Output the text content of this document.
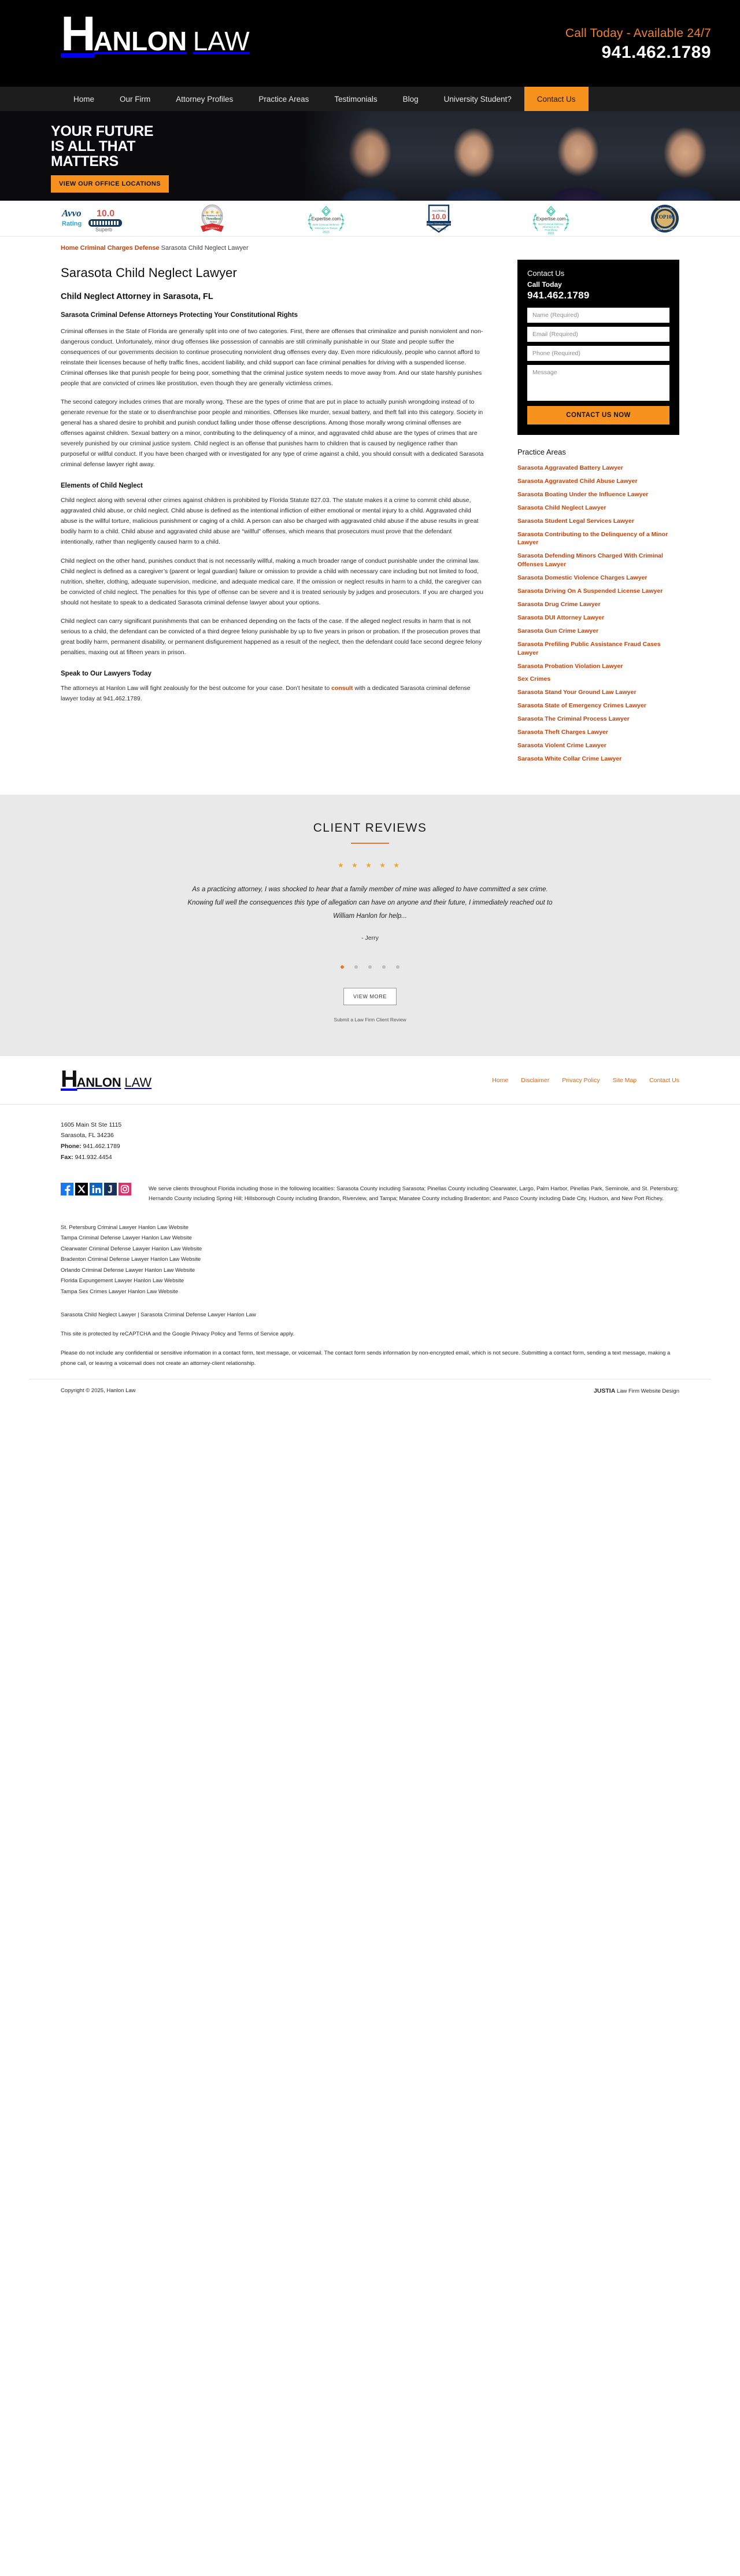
H
ANLON LAW	Call Today - Available 24/7
941.462.1789
Home	Our Firm	Attorney Profiles	Practice Areas	Testimonials	Blog	University Student?	Contact Us
YOUR FUTURE
IS ALL THAT
MATTERS
VIEW OUR OFFICE LOCATIONS
Avvo 10.0
Rating
Superb
Best Business of 2023
ThreeBest
Rated
Excellence
Expertise.com
Best Criminal Defense
Attorneys in Tampa
2022
Avvo Rating
10.0
William Woodson Hanlon
Top Attorney
Expertise.com
Best Criminal Defense
Attorneys in St.
Petersburg
2022
TOP100
THE NATIONAL
TRIAL LAWYERS
Home Criminal Charges Defense Sarasota Child Neglect Lawyer
Sarasota Child Neglect Lawyer
Child Neglect Attorney in Sarasota, FL
Sarasota Criminal Defense Attorneys Protecting Your Constitutional Rights

Criminal offenses in the State of Florida are generally split into one of two categories. First, there are offenses that criminalize and punish nonviolent and non-dangerous conduct. Unfortunately, minor drug offenses like possession of cannabis are still criminally punishable in our State and people suffer the consequences of our governments decision to continue prosecuting nonviolent drug offenses every day. Even more ridiculously, people who cannot afford to reinstate their licenses because of hefty traffic fines, accident liability, and child support can face criminal penalties for driving with a suspended license. Criminal offenses like that punish people for being poor, something that the criminal justice system needs to move away from. And our state harshly punishes people that are convicted of crimes like prostitution, even though they are generally victimless crimes.

The second category includes crimes that are morally wrong. These are the types of crime that are put in place to actually punish wrongdoing instead of to generate revenue for the state or to disenfranchise poor people and minorities. Offenses like murder, sexual battery, and theft fall into this category. Society in general has a shared desire to prohibit and punish conduct falling under those offense descriptions. Among those morally wrong criminal offenses are offenses against children. Sexual battery on a minor, contributing to the delinquency of a minor, and aggravated child abuse are the types of crimes that are severely punished by our criminal justice system. Child neglect is an offense that punishes harm to children that is caused by negligence rather than purposeful or willful conduct. If you have been charged with or investigated for any type of crime against a child, you should consult with a dedicated Sarasota criminal defense lawyer right away.

Elements of Child Neglect

Child neglect along with several other crimes against children is prohibited by Florida Statute 827.03. The statute makes it a crime to commit child abuse, aggravated child abuse, or child neglect. Child abuse is defined as the intentional infliction of either emotional or mental injury to a child. Aggravated child abuse is the willful torture, malicious punishment or caging of a child. A person can also be charged with aggravated child abuse if the abuse results in great bodily harm to a child. Child abuse and aggravated child abuse are “willful” offenses, which means that prosecutors must prove that the defendant intentionally, rather than negligently caused harm to a child.

Child neglect on the other hand, punishes conduct that is not necessarily willful, making a much broader range of conduct punishable under the criminal law. Child neglect is defined as a caregiver’s (parent or legal guardian) failure or omission to provide a child with necessary care including but not limited to food, nutrition, shelter, clothing, adequate supervision, medicine, and adequate medical care. If the omission or neglect results in harm to a child, the caregiver can be convicted of child neglect. The penalties for this type of offense can be severe and it is treated seriously by judges and prosecutors. If you are charged you should not hesitate to speak to a dedicated Sarasota criminal defense lawyer about your options.

Child neglect can carry significant punishments that can be enhanced depending on the facts of the case. If the alleged neglect results in harm that is not serious to a child, the defendant can be convicted of a third degree felony punishable by up to five years in prison or probation. If the prosecution proves that great bodily harm, permanent disability, or permanent disfigurement happened as a result of the neglect, then the defendant could face second degree felony penalties, maxing out at fifteen years in prison.

Speak to Our Lawyers Today

The attorneys at Hanlon Law will fight zealously for the best outcome for your case. Don’t hesitate to consult with a dedicated Sarasota criminal defense lawyer today at 941.462.1789.

Contact Us
Call Today
941.462.1789
Name (Required)
Email (Required)
Phone (Required)
Message CONTACT US NOW
Practice Areas
Sarasota Aggravated Battery Lawyer
Sarasota Aggravated Child Abuse Lawyer
Sarasota Boating Under the Influence Lawyer
Sarasota Child Neglect Lawyer
Sarasota Student Legal Services Lawyer
Sarasota Contributing to the Delinquency of a Minor Lawyer
Sarasota Defending Minors Charged With Criminal Offenses Lawyer
Sarasota Domestic Violence Charges Lawyer
Sarasota Driving On A Suspended License Lawyer
Sarasota Drug Crime Lawyer
Sarasota DUI Attorney Lawyer
Sarasota Gun Crime Lawyer
Sarasota Prefiling Public Assistance Fraud Cases Lawyer
Sarasota Probation Violation Lawyer
Sex Crimes
Sarasota Stand Your Ground Law Lawyer
Sarasota State of Emergency Crimes Lawyer
Sarasota The Criminal Process Lawyer
Sarasota Theft Charges Lawyer
Sarasota Violent Crime Lawyer
Sarasota White Collar Crime Lawyer
CLIENT REVIEWS
★ ★ ★ ★ ★
As a practicing attorney, I was shocked to hear that a family member of mine was alleged to have committed a sex crime. Knowing full well the consequences this type of allegation can have on anyone and their future, I immediately reached out to William Hanlon for help...
- Jerry
VIEW MORE
Submit a Law Firm Client Review
H ANLON LAW	Home Disclaimer Privacy Policy Site Map Contact Us
1605 Main St Ste 1115
Sarasota, FL 34236
Phone: 941.462.1789
Fax: 941.932.4454
We serve clients throughout Florida including those in the following localities: Sarasota County including Sarasota; Pinellas County including Clearwater, Largo, Palm Harbor, Pinellas Park, Seminole, and St. Petersburg; Hernando County including Spring Hill; Hillsborough County including Brandon, Riverview, and Tampa; Manatee County including Bradenton; and Pasco County including Dade City, Hudson, and New Port Richey.
St. Petersburg Criminal Lawyer Hanlon Law Website
Tampa Criminal Defense Lawyer Hanlon Law Website
Clearwater Criminal Defense Lawyer Hanlon Law Website
Bradenton Criminal Defense Lawyer Hanlon Law Website
Orlando Criminal Defense Lawyer Hanlon Law Website
Florida Expungement Lawyer Hanlon Law Website
Tampa Sex Crimes Lawyer Hanlon Law Website
Sarasota Child Neglect Lawyer | Sarasota Criminal Defense Lawyer Hanlon Law
This site is protected by reCAPTCHA and the Google Privacy Policy and Terms of Service apply.
Please do not include any confidential or sensitive information in a contact form, text message, or voicemail. The contact form sends information by non-encrypted email, which is not secure. Submitting a contact form, sending a text message, making a phone call, or leaving a voicemail does not create an attorney-client relationship.
Copyright © 2025, Hanlon Law	JUSTIA Law Firm Website Design
